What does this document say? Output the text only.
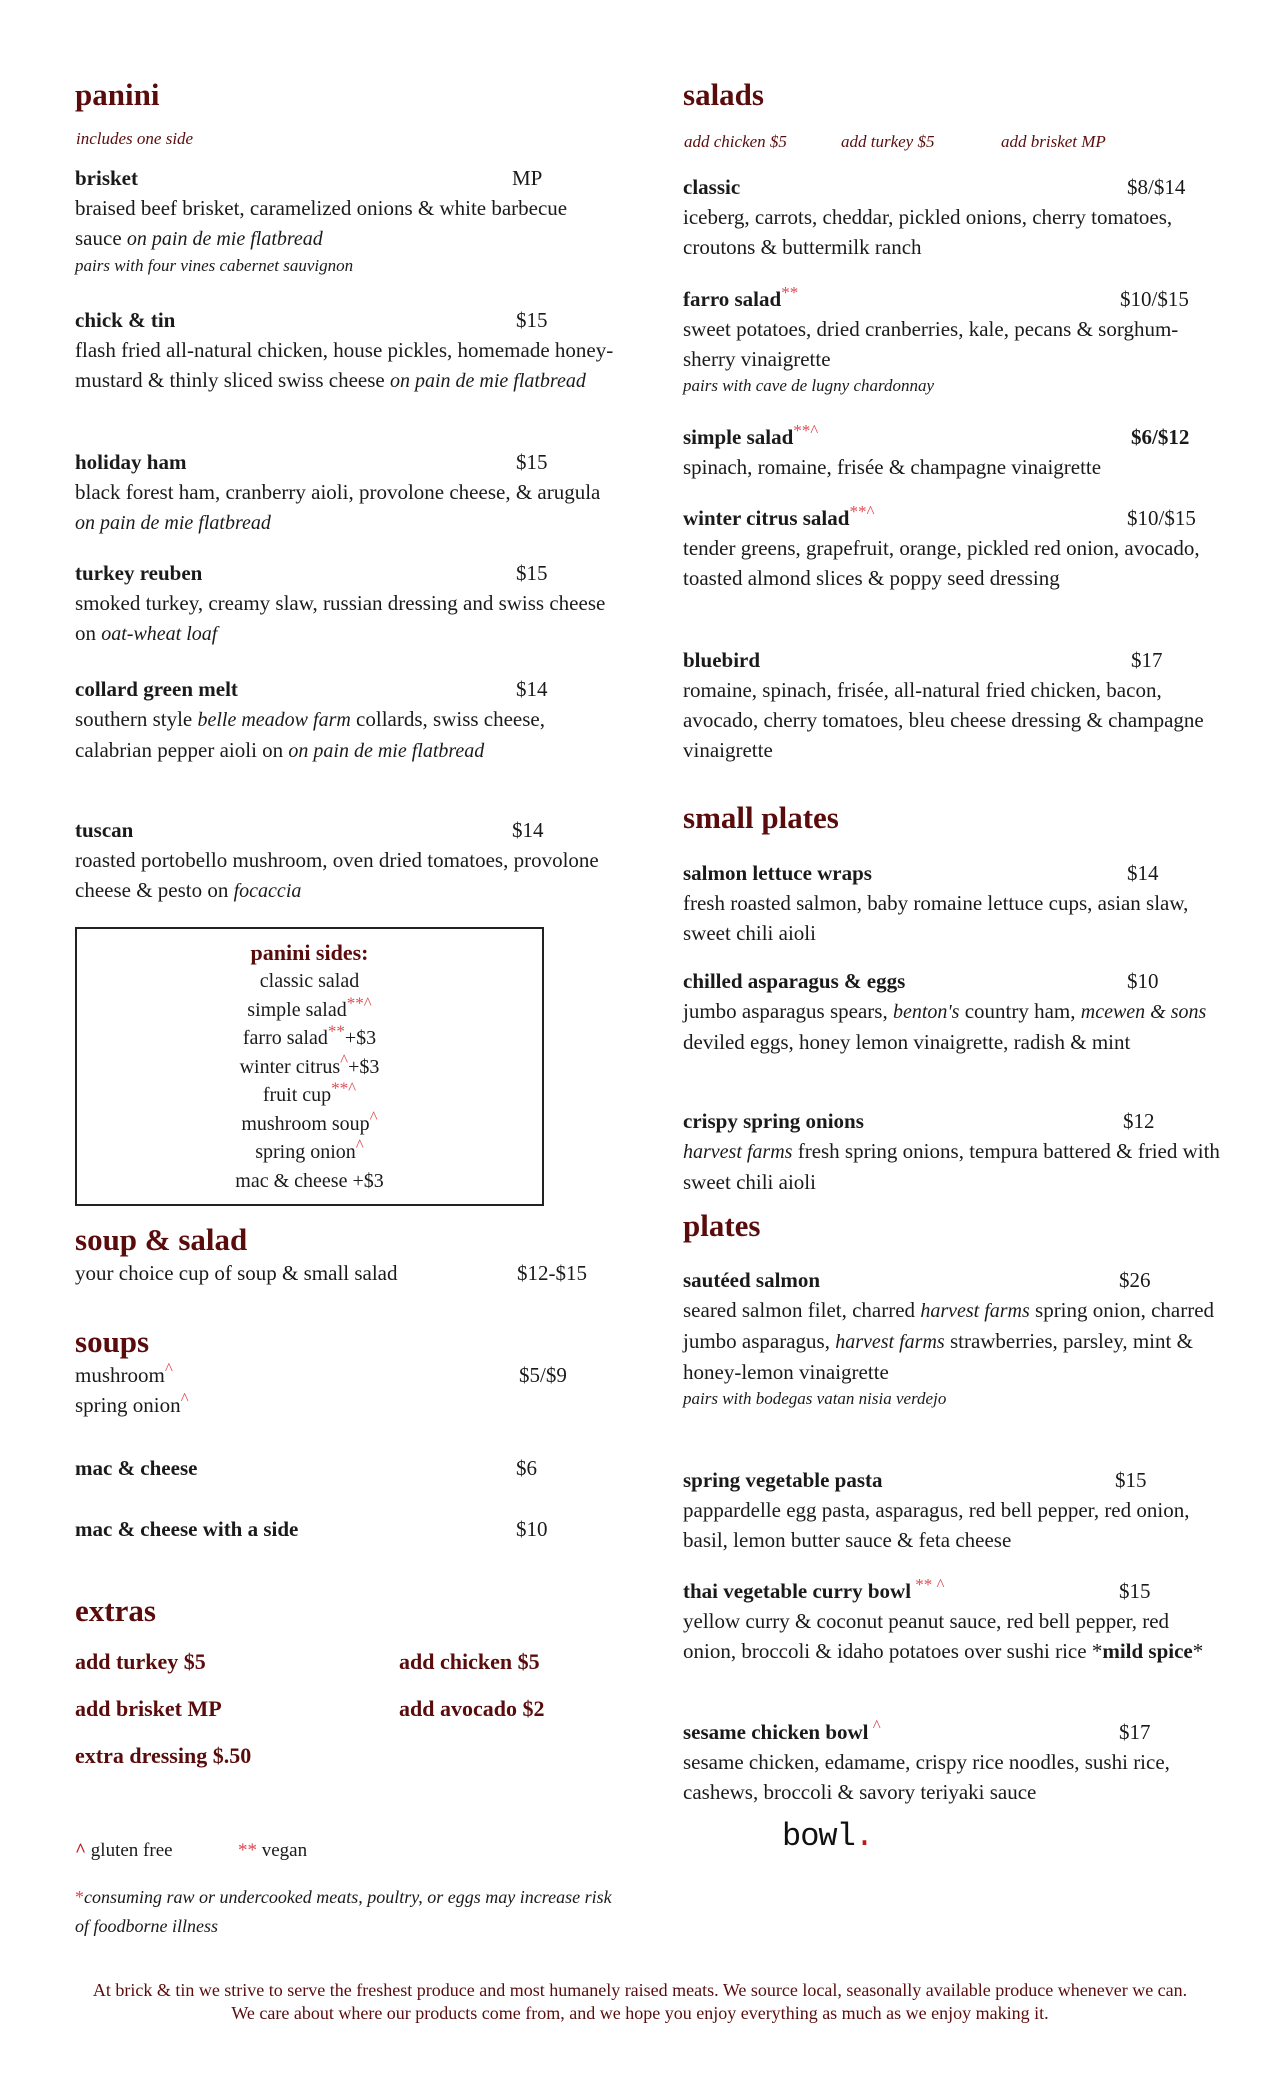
panini
includes one side
brisket	MP
braised beef brisket, caramelized onions & white barbecue sauce on pain de mie flatbread
pairs with four vines cabernet sauvignon
chick & tin	$15
flash fried all-natural chicken, house pickles, homemade honey-mustard & thinly sliced swiss cheese on pain de mie flatbread
holiday ham	$15
black forest ham, cranberry aioli, provolone cheese, & arugula on pain de mie flatbread
turkey reuben	$15
smoked turkey, creamy slaw, russian dressing and swiss cheese on oat-wheat loaf
collard green melt	$14
southern style belle meadow farm collards, swiss cheese, calabrian pepper aioli on on pain de mie flatbread
tuscan	$14
roasted portobello mushroom, oven dried tomatoes, provolone cheese & pesto on focaccia
panini sides:
classic salad
simple salad**^
farro salad**+$3
winter citrus^+$3
fruit cup**^
mushroom soup^
spring onion^
mac & cheese +$3
soup & salad
your choice cup of soup & small salad	$12-$15
soups
mushroom^	$5/$9
spring onion^
mac & cheese	$6
mac & cheese with a side	$10
extras
add turkey $5	add chicken $5
add brisket MP	add avocado $2
extra dressing $.50
^ gluten free	** vegan
*consuming raw or undercooked meats, poultry, or eggs may increase risk of foodborne illness
salads
add chicken $5	add turkey $5	add brisket MP
classic	$8/$14
iceberg, carrots, cheddar, pickled onions, cherry tomatoes, croutons & buttermilk ranch
farro salad**	$10/$15
sweet potatoes, dried cranberries, kale, pecans & sorghum-sherry vinaigrette
pairs with cave de lugny chardonnay
simple salad**^	$6/$12
spinach, romaine, frisée & champagne vinaigrette
winter citrus salad**^	$10/$15
tender greens, grapefruit, orange, pickled red onion, avocado, toasted almond slices & poppy seed dressing
bluebird	$17
romaine, spinach, frisée, all-natural fried chicken, bacon, avocado, cherry tomatoes, bleu cheese dressing & champagne vinaigrette
small plates
salmon lettuce wraps	$14
fresh roasted salmon, baby romaine lettuce cups, asian slaw, sweet chili aioli
chilled asparagus & eggs	$10
jumbo asparagus spears, benton's country ham, mcewen & sons deviled eggs, honey lemon vinaigrette, radish & mint
crispy spring onions	$12
harvest farms fresh spring onions, tempura battered & fried with sweet chili aioli
plates
sautéed salmon	$26
seared salmon filet, charred harvest farms spring onion, charred jumbo asparagus, harvest farms strawberries, parsley, mint & honey-lemon vinaigrette
pairs with bodegas vatan nisia verdejo
spring vegetable pasta	$15
pappardelle egg pasta, asparagus, red bell pepper, red onion, basil, lemon butter sauce & feta cheese
thai vegetable curry bowl ** ^	$15
yellow curry & coconut peanut sauce, red bell pepper, red onion, broccoli & idaho potatoes over sushi rice *mild spice*
sesame chicken bowl ^	$17
sesame chicken, edamame, crispy rice noodles, sushi rice, cashews, broccoli & savory teriyaki sauce
bowl.
At brick & tin we strive to serve the freshest produce and most humanely raised meats. We source local, seasonally available produce whenever we can. We care about where our products come from, and we hope you enjoy everything as much as we enjoy making it.
